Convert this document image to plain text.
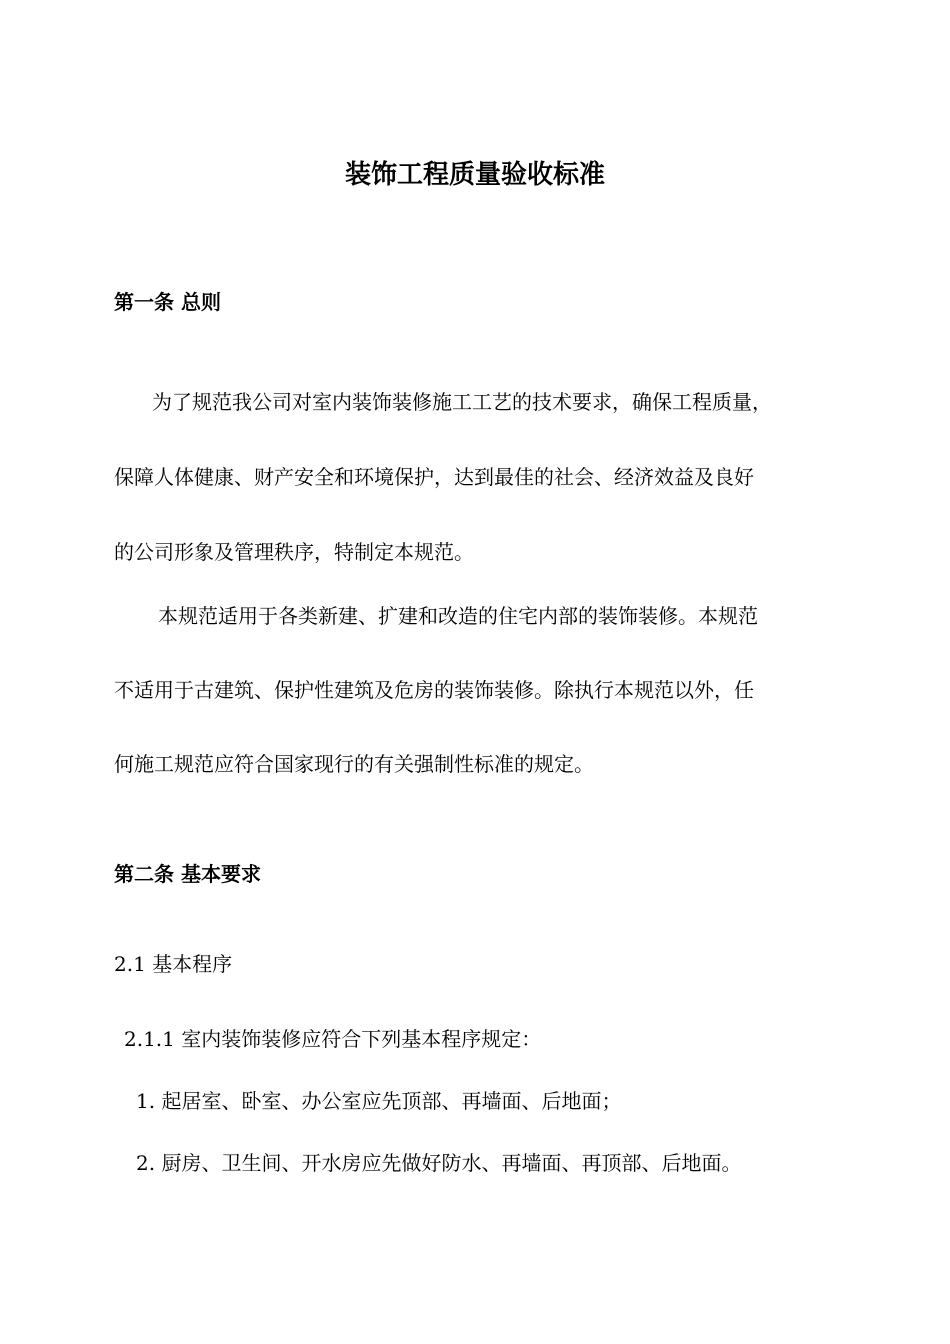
装饰工程质量验收标准
第一条 总则
为了规范我公司对室内装饰装修施工工艺的技术要求，确保工程质量，
保障人体健康、财产安全和环境保护，达到最佳的社会、经济效益及良好
的公司形象及管理秩序，特制定本规范。
本规范适用于各类新建、扩建和改造的住宅内部的装饰装修。本规范
不适用于古建筑、保护性建筑及危房的装饰装修。除执行本规范以外，任
何施工规范应符合国家现行的有关强制性标准的规定。
第二条 基本要求
2.1 基本程序
2.1.1 室内装饰装修应符合下列基本程序规定：
1. 起居室、卧室、办公室应先顶部、再墙面、后地面；
2. 厨房、卫生间、开水房应先做好防水、再墙面、再顶部、后地面。
